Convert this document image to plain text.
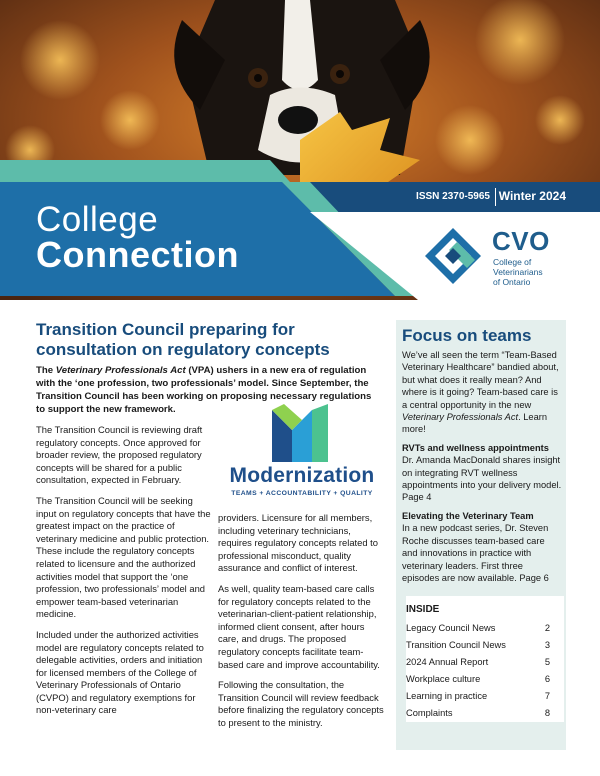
ISSN 2370-5965 Winter 2024
College
Connection	CVO
College of
Veterinarians
of Ontario
Transition Council preparing for consultation on regulatory concepts

The Veterinary Professionals Act (VPA) ushers in a new era of regulation with the ‘one profession, two professionals’ model. Since September, the Transition Council has been working on proposing necessary regulations to support the new framework.

The Transition Council is reviewing draft regulatory concepts. Once approved for broader review, the proposed regulatory concepts will be shared for a public consultation, expected in February.

The Transition Council will be seeking input on regulatory concepts that have the greatest impact on the practice of veterinary medicine and public protection. These include the regulatory concepts related to licensure and the authorized activities model that support the ‘one profession, two professionals’ model and empower team-based veterinarian medicine.

Included under the authorized activities model are regulatory concepts related to delegable activities, orders and initiation for licensed members of the College of Veterinary Professionals of Ontario (CVPO) and regulatory exemptions for non-veterinary care

Modernization
TEAMS + ACCOUNTABILITY + QUALITY

providers. Licensure for all members, including veterinary technicians, requires regulatory concepts related to professional misconduct, quality assurance and conflict of interest.

As well, quality team-based care calls for regulatory concepts related to the veterinarian-client-patient relationship, informed client consent, after hours care, and drugs. The proposed regulatory concepts facilitate team-based care and improve accountability.

Following the consultation, the Transition Council will review feedback before finalizing the regulatory concepts to present to the ministry.

Focus on teams

We’ve all seen the term “Team-Based Veterinary Healthcare” bandied about, but what does it really mean? And where is it going? Team-based care is a central opportunity in the new Veterinary Professionals Act. Learn more!

RVTs and wellness appointments
Dr. Amanda MacDonald shares insight on integrating RVT wellness appointments into your delivery model. Page 4

Elevating the Veterinary Team
In a new podcast series, Dr. Steven Roche discusses team-based care and innovations in practice with veterinary leaders. First three episodes are now available. Page 6

INSIDE
Legacy Council News	2
Transition Council News	3
2024 Annual Report	5
Workplace culture	6
Learning in practice	7
Complaints	8
